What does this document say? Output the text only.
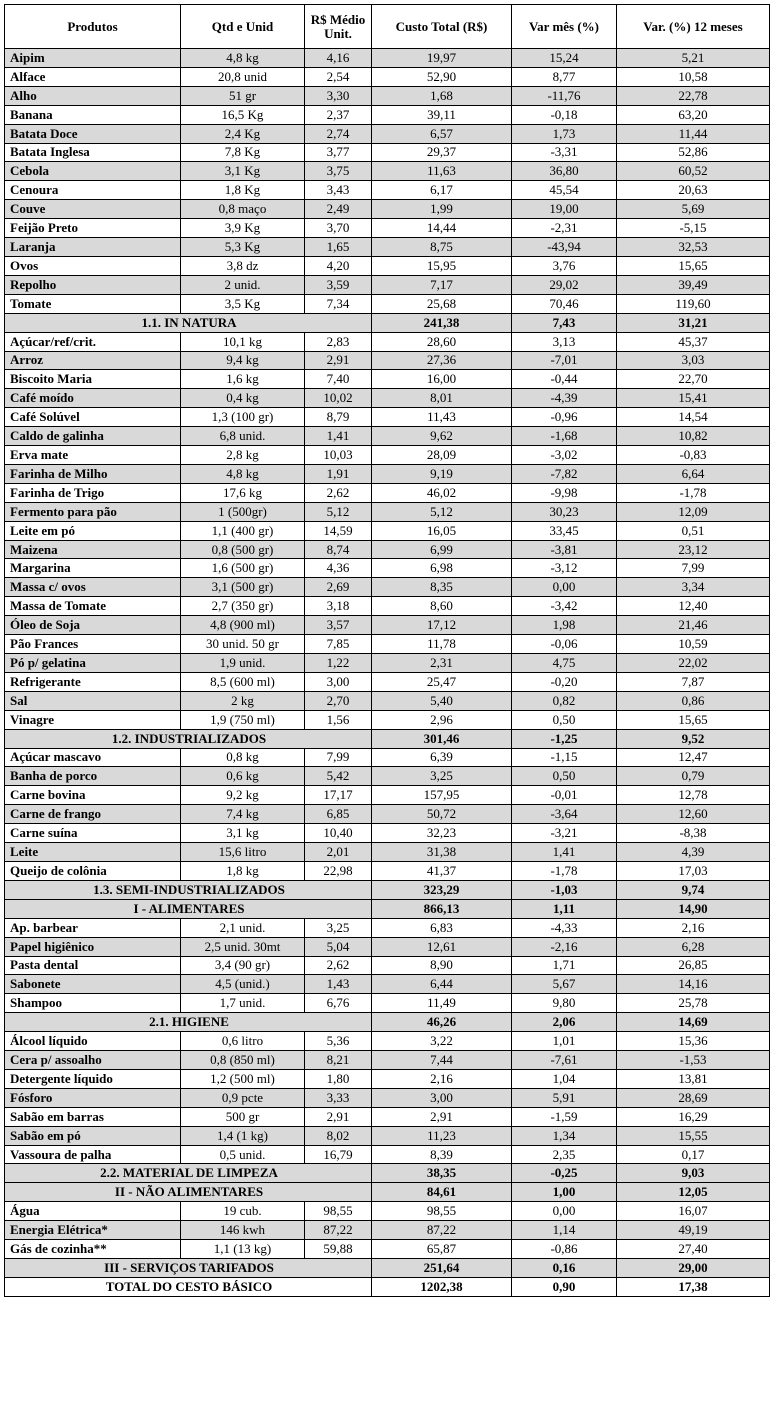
Produtos	Qtd e Unid	R$ Médio Unit.	Custo Total (R$)	Var mês (%)	Var. (%) 12 meses
Aipim	4,8 kg	4,16	19,97	15,24	5,21
Alface	20,8 unid	2,54	52,90	8,77	10,58
Alho	51 gr	3,30	1,68	-11,76	22,78
Banana	16,5 Kg	2,37	39,11	-0,18	63,20
Batata Doce	2,4 Kg	2,74	6,57	1,73	11,44
Batata Inglesa	7,8 Kg	3,77	29,37	-3,31	52,86
Cebola	3,1 Kg	3,75	11,63	36,80	60,52
Cenoura	1,8 Kg	3,43	6,17	45,54	20,63
Couve	0,8 maço	2,49	1,99	19,00	5,69
Feijão Preto	3,9 Kg	3,70	14,44	-2,31	-5,15
Laranja	5,3 Kg	1,65	8,75	-43,94	32,53
Ovos	3,8 dz	4,20	15,95	3,76	15,65
Repolho	2 unid.	3,59	7,17	29,02	39,49
Tomate	3,5 Kg	7,34	25,68	70,46	119,60
1.1. IN NATURA			241,38	7,43	31,21
Açúcar/ref/crit.	10,1 kg	2,83	28,60	3,13	45,37
Arroz	9,4 kg	2,91	27,36	-7,01	3,03
Biscoito Maria	1,6 kg	7,40	16,00	-0,44	22,70
Café moído	0,4 kg	10,02	8,01	-4,39	15,41
Café Solúvel	1,3 (100 gr)	8,79	11,43	-0,96	14,54
Caldo de galinha	6,8 unid.	1,41	9,62	-1,68	10,82
Erva mate	2,8 kg	10,03	28,09	-3,02	-0,83
Farinha de Milho	4,8 kg	1,91	9,19	-7,82	6,64
Farinha de Trigo	17,6 kg	2,62	46,02	-9,98	-1,78
Fermento para pão	1 (500gr)	5,12	5,12	30,23	12,09
Leite em pó	1,1 (400 gr)	14,59	16,05	33,45	0,51
Maizena	0,8 (500 gr)	8,74	6,99	-3,81	23,12
Margarina	1,6 (500 gr)	4,36	6,98	-3,12	7,99
Massa c/ ovos	3,1 (500 gr)	2,69	8,35	0,00	3,34
Massa de Tomate	2,7 (350 gr)	3,18	8,60	-3,42	12,40
Óleo de Soja	4,8 (900 ml)	3,57	17,12	1,98	21,46
Pão Frances	30 unid. 50 gr	7,85	11,78	-0,06	10,59
Pó p/ gelatina	1,9 unid.	1,22	2,31	4,75	22,02
Refrigerante	8,5 (600 ml)	3,00	25,47	-0,20	7,87
Sal	2 kg	2,70	5,40	0,82	0,86
Vinagre	1,9 (750 ml)	1,56	2,96	0,50	15,65
1.2. INDUSTRIALIZADOS			301,46	-1,25	9,52
Açúcar mascavo	0,8 kg	7,99	6,39	-1,15	12,47
Banha de porco	0,6 kg	5,42	3,25	0,50	0,79
Carne bovina	9,2 kg	17,17	157,95	-0,01	12,78
Carne de frango	7,4 kg	6,85	50,72	-3,64	12,60
Carne suína	3,1 kg	10,40	32,23	-3,21	-8,38
Leite	15,6 litro	2,01	31,38	1,41	4,39
Queijo de colônia	1,8 kg	22,98	41,37	-1,78	17,03
1.3. SEMI-INDUSTRIALIZADOS			323,29	-1,03	9,74
I - ALIMENTARES			866,13	1,11	14,90
Ap. barbear	2,1 unid.	3,25	6,83	-4,33	2,16
Papel higiênico	2,5 unid. 30mt	5,04	12,61	-2,16	6,28
Pasta dental	3,4 (90 gr)	2,62	8,90	1,71	26,85
Sabonete	4,5 (unid.)	1,43	6,44	5,67	14,16
Shampoo	1,7 unid.	6,76	11,49	9,80	25,78
2.1. HIGIENE			46,26	2,06	14,69
Álcool líquido	0,6 litro	5,36	3,22	1,01	15,36
Cera p/ assoalho	0,8 (850 ml)	8,21	7,44	-7,61	-1,53
Detergente líquido	1,2 (500 ml)	1,80	2,16	1,04	13,81
Fósforo	0,9 pcte	3,33	3,00	5,91	28,69
Sabão em barras	500 gr	2,91	2,91	-1,59	16,29
Sabão em pó	1,4 (1 kg)	8,02	11,23	1,34	15,55
Vassoura de palha	0,5 unid.	16,79	8,39	2,35	0,17
2.2. MATERIAL DE LIMPEZA			38,35	-0,25	9,03
II - NÃO ALIMENTARES			84,61	1,00	12,05
Água	19 cub.	98,55	98,55	0,00	16,07
Energia Elétrica*	146 kwh	87,22	87,22	1,14	49,19
Gás de cozinha**	1,1 (13 kg)	59,88	65,87	-0,86	27,40
III - SERVIÇOS TARIFADOS			251,64	0,16	29,00
TOTAL DO CESTO BÁSICO			1202,38	0,90	17,38
